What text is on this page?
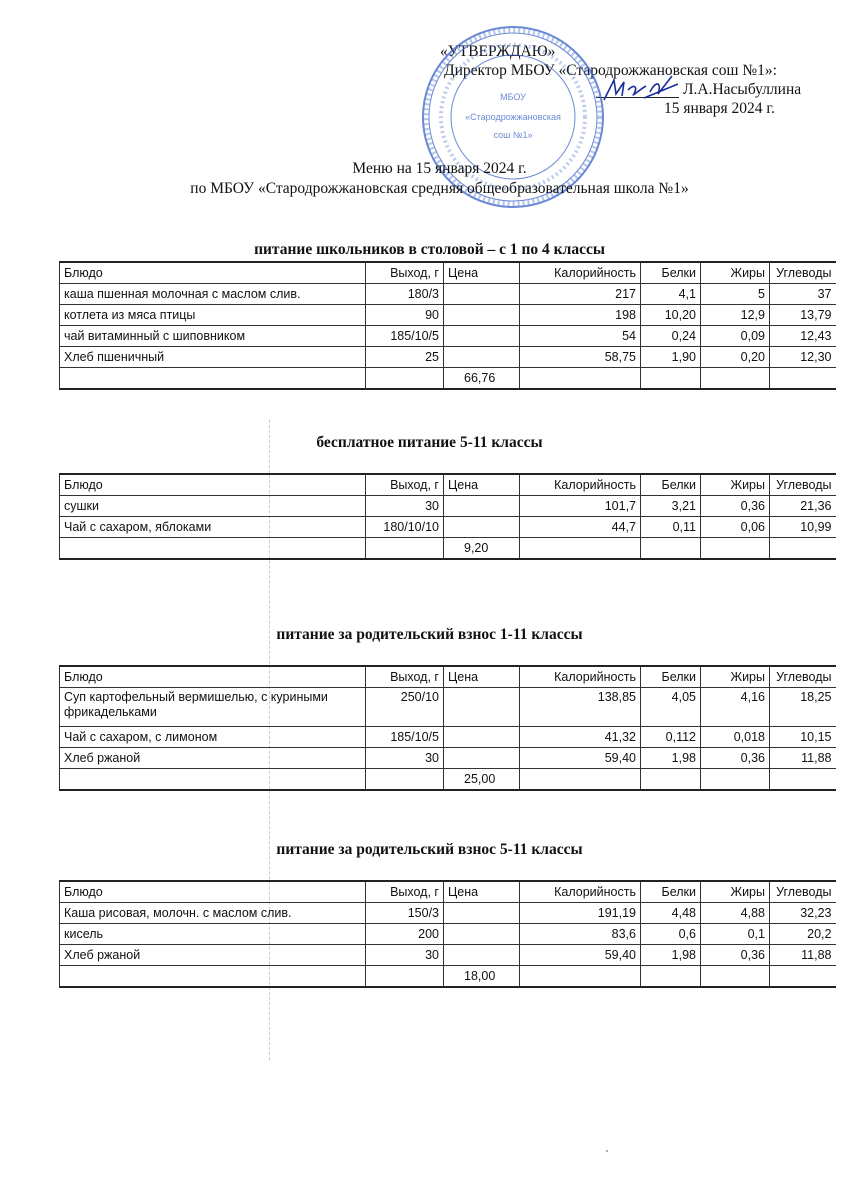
«УТВЕРЖДАЮ»
Директор МБОУ «Стародрожжановская сош №1»:
Л.А.Насыбуллина
15 января 2024 г.
МБОУ
«Стародрожжановская
сош №1»
Меню на 15 января 2024 г.
по МБОУ «Стародрожжановская средняя общеобразовательная школа №1»
питание школьников в столовой – с 1 по 4 классы
Блюдо	Выход, г	Цена	Калорийность	Белки	Жиры	Углеводы
каша пшенная молочная с маслом слив.	180/3		217	4,1	5	37
котлета из мяса птицы	90		198	10,20	12,9	13,79
чай витаминный с шиповником	185/10/5		54	0,24	0,09	12,43
Хлеб пшеничный	25		58,75	1,90	0,20	12,30
		66,76				
бесплатное питание 5-11 классы
Блюдо	Выход, г	Цена	Калорийность	Белки	Жиры	Углеводы
сушки	30		101,7	3,21	0,36	21,36
Чай с сахаром, яблоками	180/10/10		44,7	0,11	0,06	10,99
		9,20				
питание за родительский взнос 1-11 классы
Блюдо	Выход, г	Цена	Калорийность	Белки	Жиры	Углеводы
Суп картофельный вермишелью, с куриными фрикадельками	250/10		138,85	4,05	4,16	18,25
Чай с сахаром, с лимоном	185/10/5		41,32	0,112	0,018	10,15
Хлеб ржаной	30		59,40	1,98	0,36	11,88
		25,00				
питание за родительский взнос 5-11 классы
Блюдо	Выход, г	Цена	Калорийность	Белки	Жиры	Углеводы
Каша рисовая, молочн. с маслом слив.	150/3		191,19	4,48	4,88	32,23
кисель	200		83,6	0,6	0,1	20,2
Хлеб ржаной	30		59,40	1,98	0,36	11,88
		18,00				
